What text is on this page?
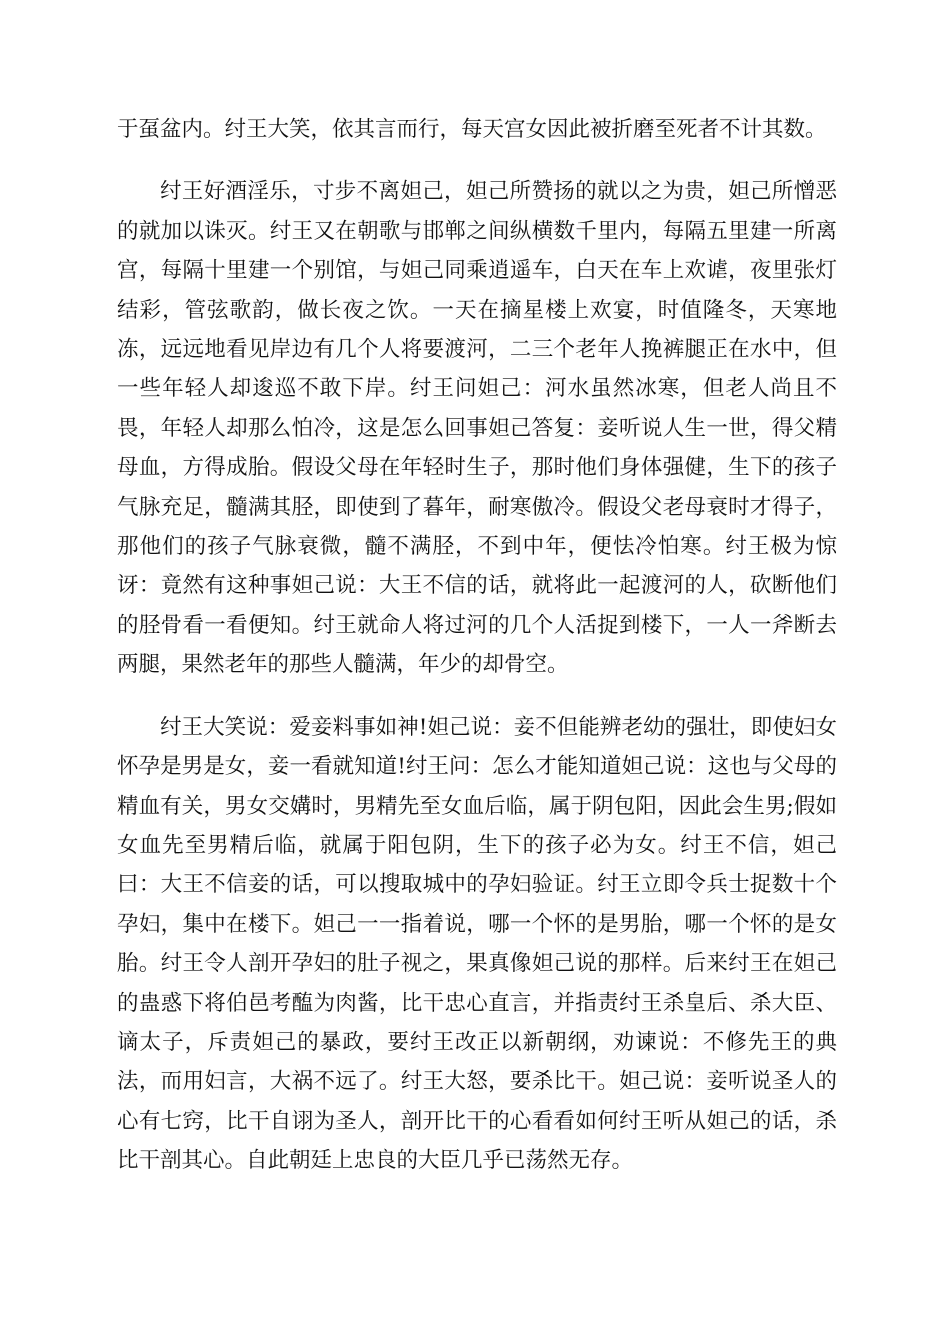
于虿盆内。纣王大笑，依其言而行，每天宫女因此被折磨至死者不计其数。

纣王好酒淫乐，寸步不离妲己，妲己所赞扬的就以之为贵，妲己所憎恶的就加以诛灭。纣王又在朝歌与邯郸之间纵横数千里内，每隔五里建一所离宫，每隔十里建一个别馆，与妲己同乘逍遥车，白天在车上欢谑，夜里张灯结彩，管弦歌韵，做长夜之饮。一天在摘星楼上欢宴，时值隆冬，天寒地冻，远远地看见岸边有几个人将要渡河，二三个老年人挽裤腿正在水中，但一些年轻人却逡巡不敢下岸。纣王问妲己：河水虽然冰寒，但老人尚且不畏，年轻人却那么怕冷，这是怎么回事妲己答复：妾听说人生一世，得父精母血，方得成胎。假设父母在年轻时生子，那时他们身体强健，生下的孩子气脉充足，髓满其胫，即使到了暮年，耐寒傲冷。假设父老母衰时才得子，那他们的孩子气脉衰微，髓不满胫，不到中年，便怯冷怕寒。纣王极为惊讶：竟然有这种事妲己说：大王不信的话，就将此一起渡河的人，砍断他们的胫骨看一看便知。纣王就命人将过河的几个人活捉到楼下，一人一斧断去两腿，果然老年的那些人髓满，年少的却骨空。

纣王大笑说：爱妾料事如神!妲己说：妾不但能辨老幼的强壮，即使妇女怀孕是男是女，妾一看就知道!纣王问：怎么才能知道妲己说：这也与父母的精血有关，男女交媾时，男精先至女血后临，属于阴包阳，因此会生男;假如女血先至男精后临，就属于阳包阴，生下的孩子必为女。纣王不信，妲己曰：大王不信妾的话，可以搜取城中的孕妇验证。纣王立即令兵士捉数十个孕妇，集中在楼下。妲己一一指着说，哪一个怀的是男胎，哪一个怀的是女胎。纣王令人剖开孕妇的肚子视之，果真像妲己说的那样。后来纣王在妲己的蛊惑下将伯邑考醢为肉酱，比干忠心直言，并指责纣王杀皇后、杀大臣、谪太子，斥责妲己的暴政，要纣王改正以新朝纲，劝谏说：不修先王的典法，而用妇言，大祸不远了。纣王大怒，要杀比干。妲己说：妾听说圣人的心有七窍，比干自诩为圣人，剖开比干的心看看如何纣王听从妲己的话，杀比干剖其心。自此朝廷上忠良的大臣几乎已荡然无存。
